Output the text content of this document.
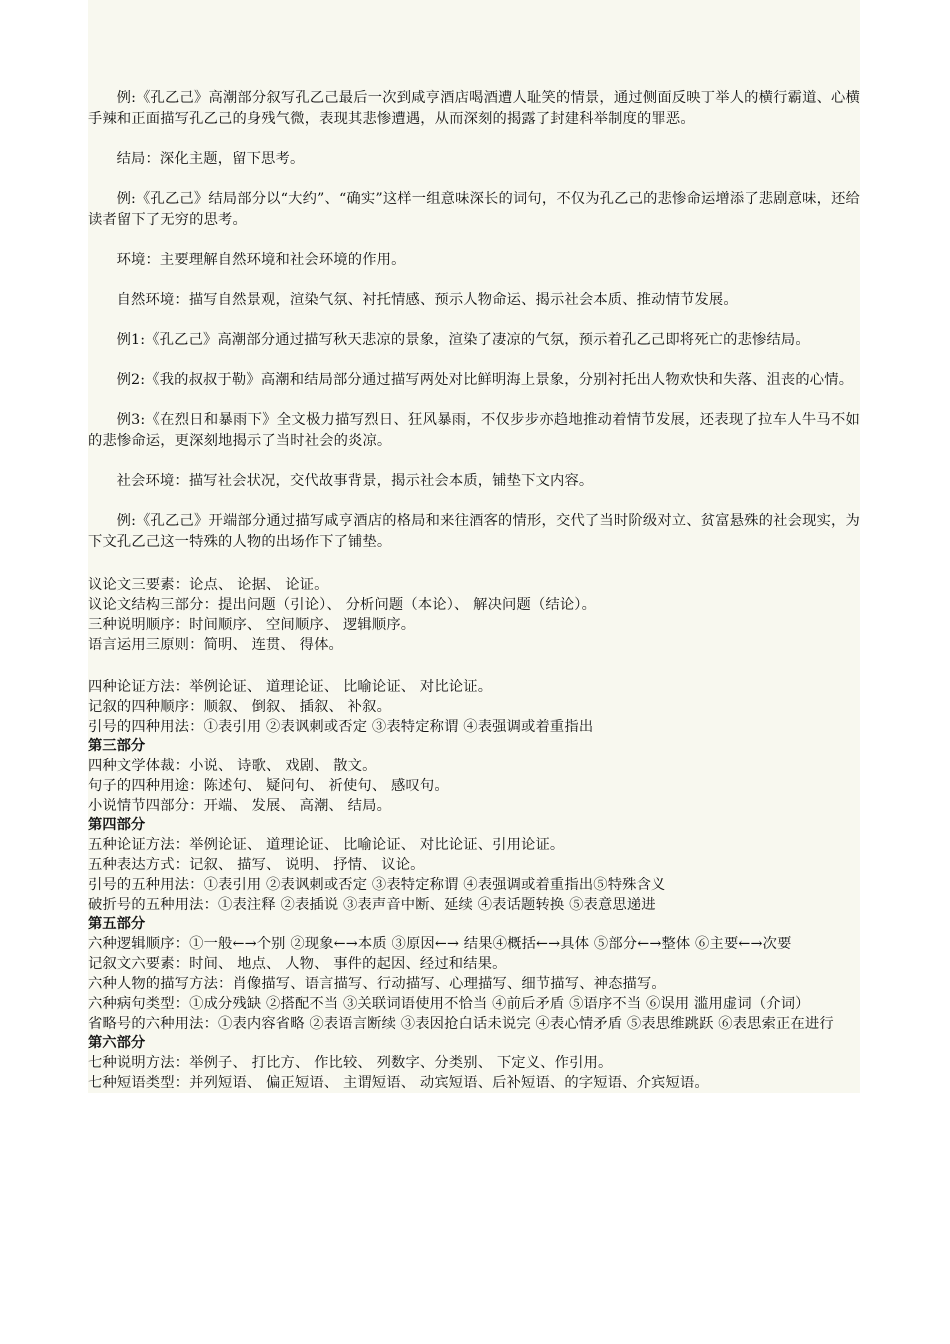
例:《孔乙己》高潮部分叙写孔乙己最后一次到咸亨酒店喝酒遭人耻笑的情景，通过侧面反映丁举人的横行霸道、心横手辣和正面描写孔乙己的身残气微，表现其悲惨遭遇，从而深刻的揭露了封建科举制度的罪恶。

结局：深化主题，留下思考。

例:《孔乙己》结局部分以“大约”、“确实”这样一组意味深长的词句，不仅为孔乙己的悲惨命运增添了悲剧意味，还给读者留下了无穷的思考。

环境：主要理解自然环境和社会环境的作用。

自然环境：描写自然景观，渲染气氛、衬托情感、预示人物命运、揭示社会本质、推动情节发展。

例1:《孔乙己》高潮部分通过描写秋天悲凉的景象，渲染了凄凉的气氛，预示着孔乙己即将死亡的悲惨结局。

例2:《我的叔叔于勒》高潮和结局部分通过描写两处对比鲜明海上景象，分别衬托出人物欢快和失落、沮丧的心情。

例3:《在烈日和暴雨下》全文极力描写烈日、狂风暴雨，不仅步步亦趋地推动着情节发展，还表现了拉车人牛马不如的悲惨命运，更深刻地揭示了当时社会的炎凉。

社会环境：描写社会状况，交代故事背景，揭示社会本质，铺垫下文内容。

例:《孔乙己》开端部分通过描写咸亨酒店的格局和来往酒客的情形，交代了当时阶级对立、贫富悬殊的社会现实，为下文孔乙己这一特殊的人物的出场作下了铺垫。

议论文三要素：论点、 论据、 论证。

议论文结构三部分：提出问题（引论）、 分析问题（本论）、 解决问题（结论）。

三种说明顺序：时间顺序、 空间顺序、 逻辑顺序。

语言运用三原则：简明、 连贯、 得体。

四种论证方法：举例论证、 道理论证、 比喻论证、 对比论证。

记叙的四种顺序：顺叙、 倒叙、 插叙、 补叙。

引号的四种用法：①表引用 ②表讽刺或否定 ③表特定称谓 ④表强调或着重指出

第三部分

四种文学体裁：小说、 诗歌、 戏剧、 散文。

句子的四种用途：陈述句、 疑问句、 祈使句、 感叹句。

小说情节四部分：开端、 发展、 高潮、 结局。

第四部分

五种论证方法：举例论证、 道理论证、 比喻论证、 对比论证、引用论证。

五种表达方式：记叙、 描写、 说明、 抒情、 议论。

引号的五种用法：①表引用 ②表讽刺或否定 ③表特定称谓 ④表强调或着重指出⑤特殊含义

破折号的五种用法：①表注释 ②表插说 ③表声音中断、延续 ④表话题转换 ⑤表意思递进

第五部分

六种逻辑顺序：①一般←→个别 ②现象←→本质 ③原因←→ 结果④概括←→具体 ⑤部分←→整体 ⑥主要←→次要

记叙文六要素：时间、 地点、 人物、 事件的起因、经过和结果。

六种人物的描写方法：肖像描写、语言描写、行动描写、心理描写、细节描写、神态描写。

六种病句类型：①成分残缺 ②搭配不当 ③关联词语使用不恰当 ④前后矛盾 ⑤语序不当 ⑥误用 滥用虚词（介词）

省略号的六种用法：①表内容省略 ②表语言断续 ③表因抢白话未说完 ④表心情矛盾 ⑤表思维跳跃 ⑥表思索正在进行

第六部分

七种说明方法：举例子、 打比方、 作比较、 列数字、分类别、 下定义、作引用。

七种短语类型：并列短语、 偏正短语、 主谓短语、 动宾短语、后补短语、的字短语、介宾短语。
